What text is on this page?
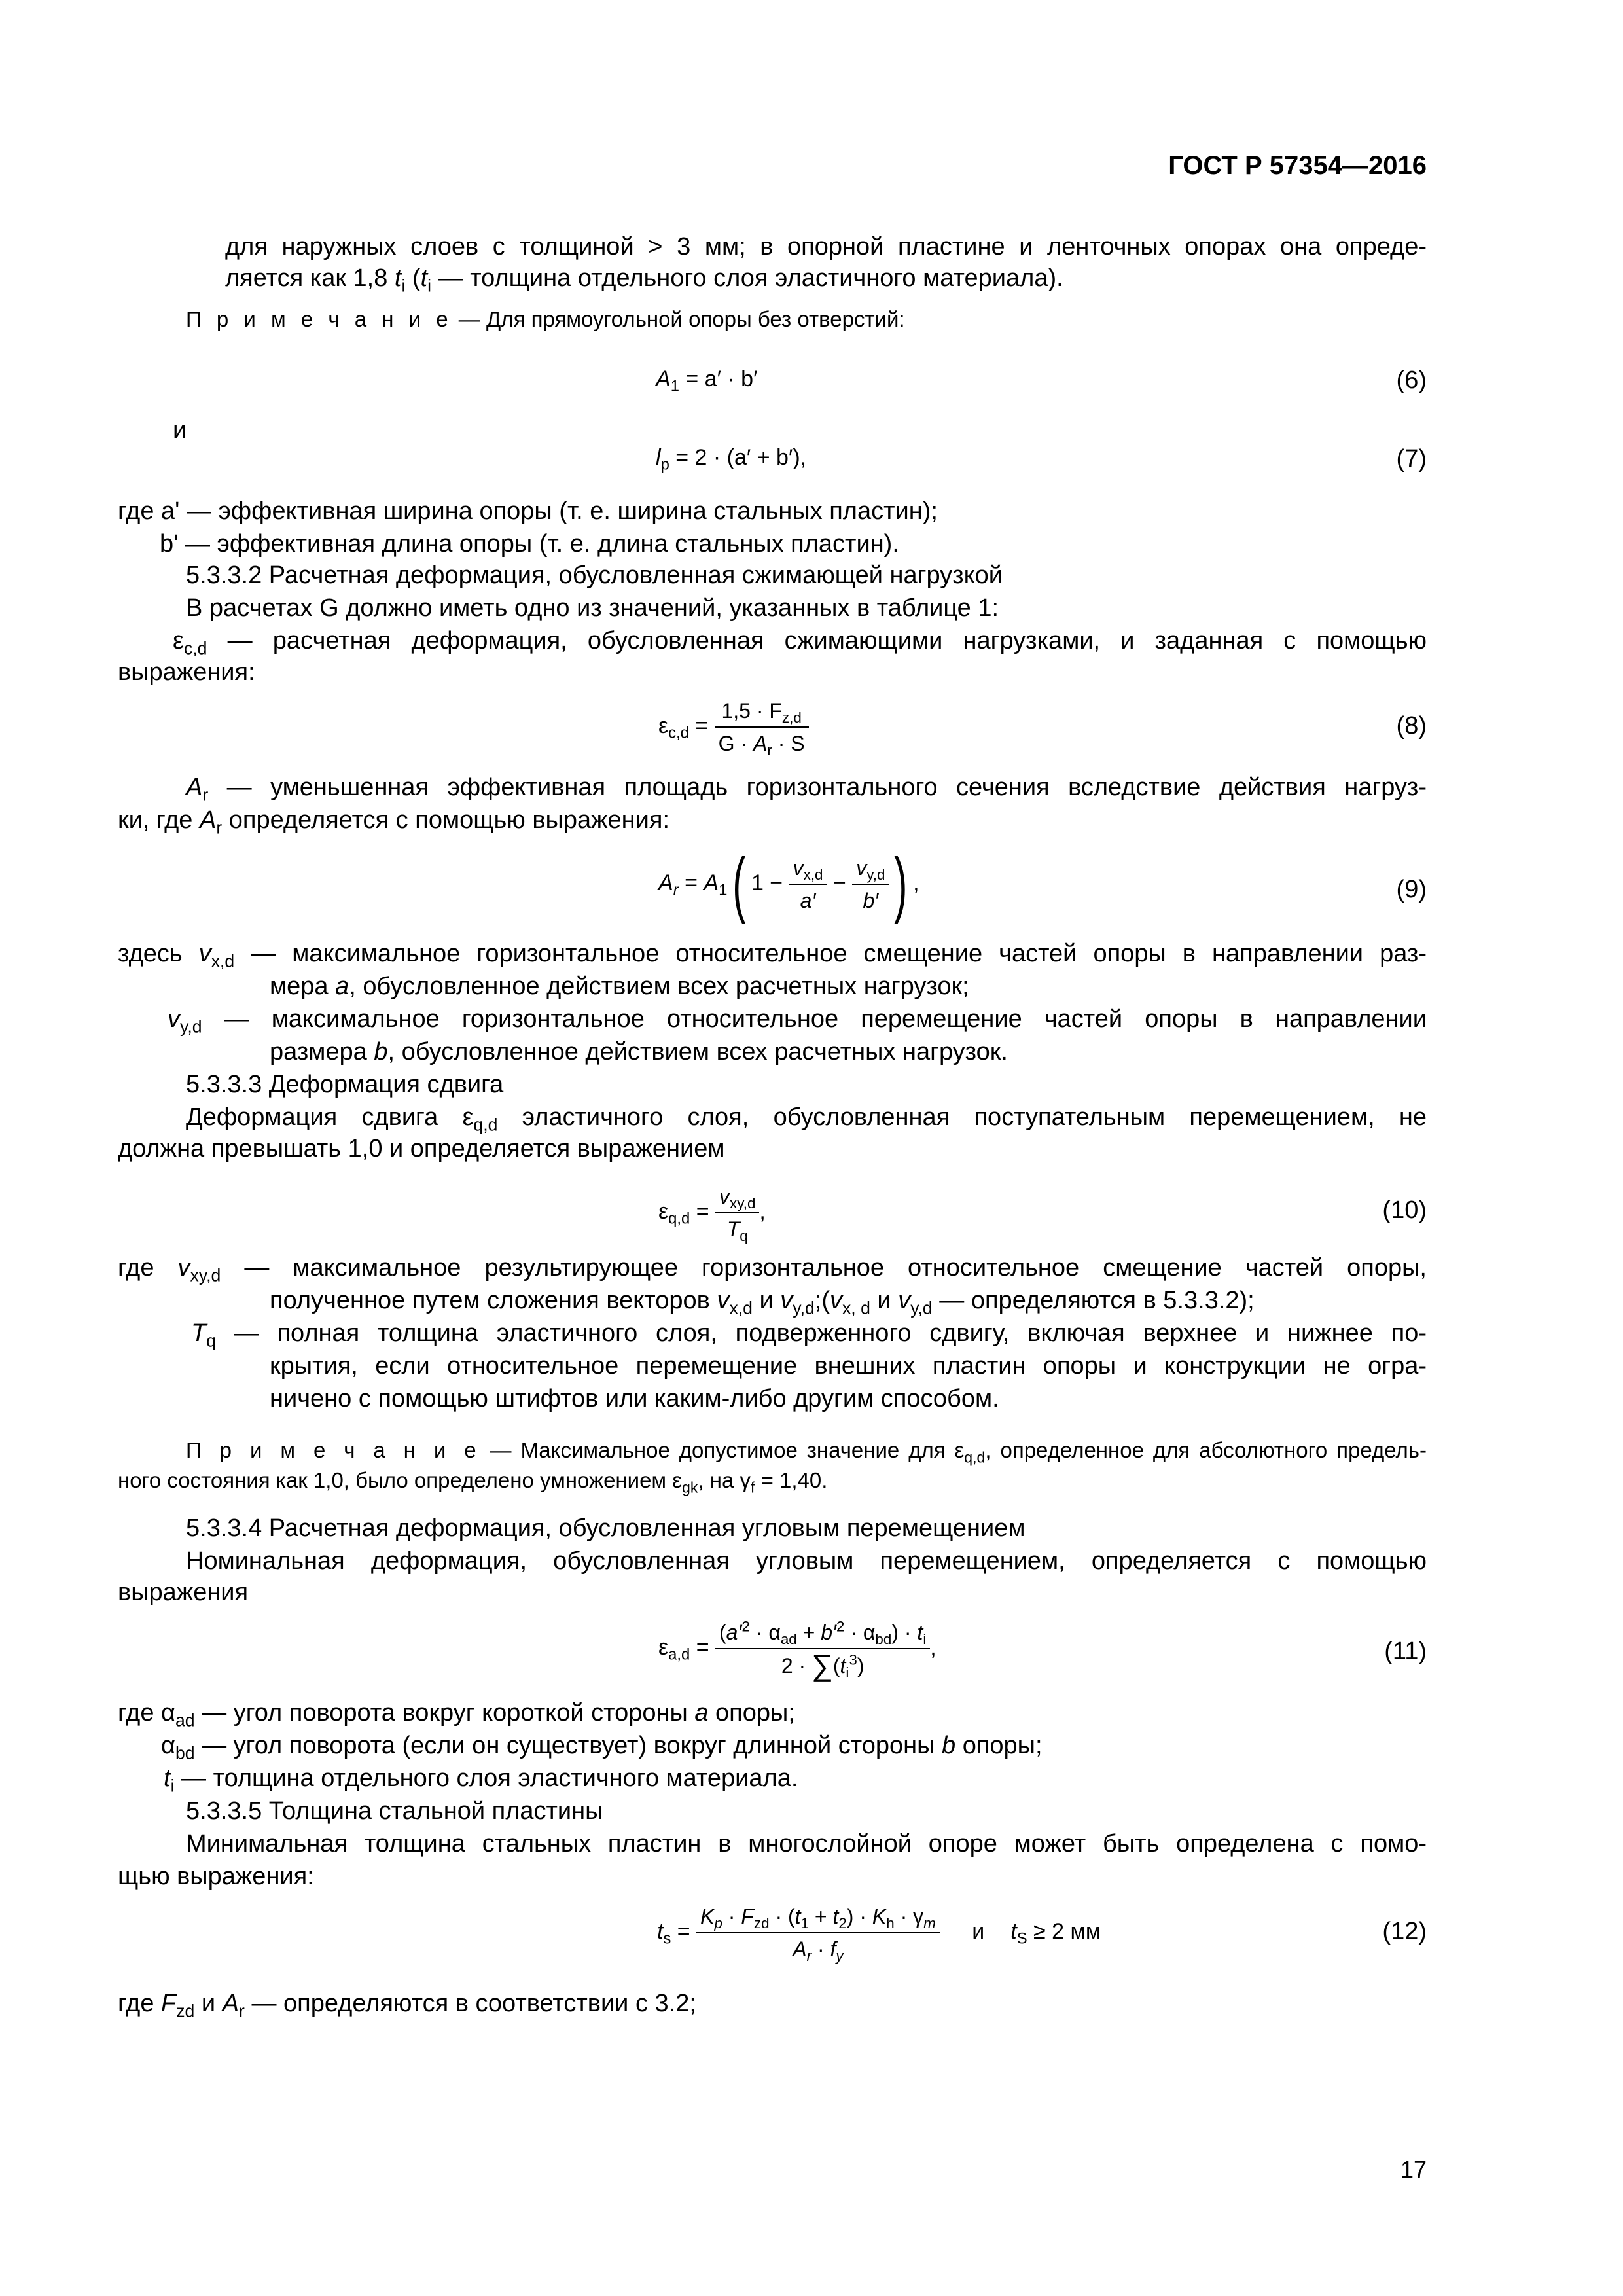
ГОСТ Р 57354—2016
для наружных слоев с толщиной > 3 мм; в опорной пластине и ленточных опорах она опреде-
ляется как 1,8 $t_i$ ($t_i$ — толщина отдельного слоя эластичного материала).
П р и м е ч а н и е — Для прямоугольной опоры без отверстий:
$A_1 = a' \cdot b'$	(6)
и
$l_p = 2 \cdot (a' + b')$,	(7)
где a' — эффективная ширина опоры (т. е. ширина стальных пластин);
b' — эффективная длина опоры (т. е. длина стальных пластин).
5.3.3.2 Расчетная деформация, обусловленная сжимающей нагрузкой
В расчетах G должно иметь одно из значений, указанных в таблице 1:
$\varepsilon_{c,d}$ — расчетная деформация, обусловленная сжимающими нагрузками, и заданная с помощью
выражения:
$\varepsilon_{c,d} = \frac{1,5 \cdot F_{z,d}}{G \cdot A_r \cdot S}$	(8)
$A_r$ — уменьшенная эффективная площадь горизонтального сечения вследствие действия нагруз-
ки, где $A_r$ определяется с помощью выражения:
$A_r = A_1$( $1 - \frac{v_{x,d}}{a'} - \frac{v_{y,d}}{b'}$ ) ,	(9)
здесь $v_{x,d}$ — максимальное горизонтальное относительное смещение частей опоры в направлении раз-
мера a, обусловленное действием всех расчетных нагрузок;
$v_{y,d}$ — максимальное горизонтальное относительное перемещение частей опоры в направлении
размера b, обусловленное действием всех расчетных нагрузок.
5.3.3.3 Деформация сдвига
Деформация сдвига $\varepsilon_{q,d}$ эластичного слоя, обусловленная поступательным перемещением, не
должна превышать 1,0 и определяется выражением
$\varepsilon_{q,d} = \frac{v_{xy,d}}{T_q}$ ,	(10)
где $v_{xy,d}$ — максимальное результирующее горизонтальное относительное смещение частей опоры,
полученное путем сложения векторов $v_{x,d}$ и $v_{y,d};(v_{x, d}$ и $v_{y,d}$ — определяются в 5.3.3.2);
$T_q$ — полная толщина эластичного слоя, подверженного сдвигу, включая верхнее и нижнее по-
крытия, если относительное перемещение внешних пластин опоры и конструкции не огра-
ничено с помощью штифтов или каким-либо другим способом.
П р и м е ч а н и е — Максимальное допустимое значение для $\varepsilon_{q,d}$, определенное для абсолютного предель-
ного состояния как 1,0, было определено умножением $\varepsilon_{gk}$, на $\gamma_f = 1,40$.
5.3.3.4 Расчетная деформация, обусловленная угловым перемещением
Номинальная деформация, обусловленная угловым перемещением, определяется с помощью
выражения
$\varepsilon_{a,d} = \frac{(a'^2 \cdot \alpha_{ad} + b'^2 \cdot \alpha_{bd}) \cdot t_i}{2 \cdot \sum(t_i^3)}$ ,	(11)
где $\alpha_{ad}$ — угол поворота вокруг короткой стороны a опоры;
$\alpha_{bd}$ — угол поворота (если он существует) вокруг длинной стороны b опоры;
$t_i$ — толщина отдельного слоя эластичного материала.
5.3.3.5 Толщина стальной пластины
Минимальная толщина стальных пластин в многослойной опоре может быть определена с помо-
щью выражения:
$t_s = \frac{K_p \cdot F_{zd} \cdot (t_1 + t_2) \cdot K_h \cdot \gamma_m}{A_r \cdot f_y}$ и $t_S \ge 2$ мм	(12)
где $F_{zd}$ и $A_r$ — определяются в соответствии с 3.2;
17
